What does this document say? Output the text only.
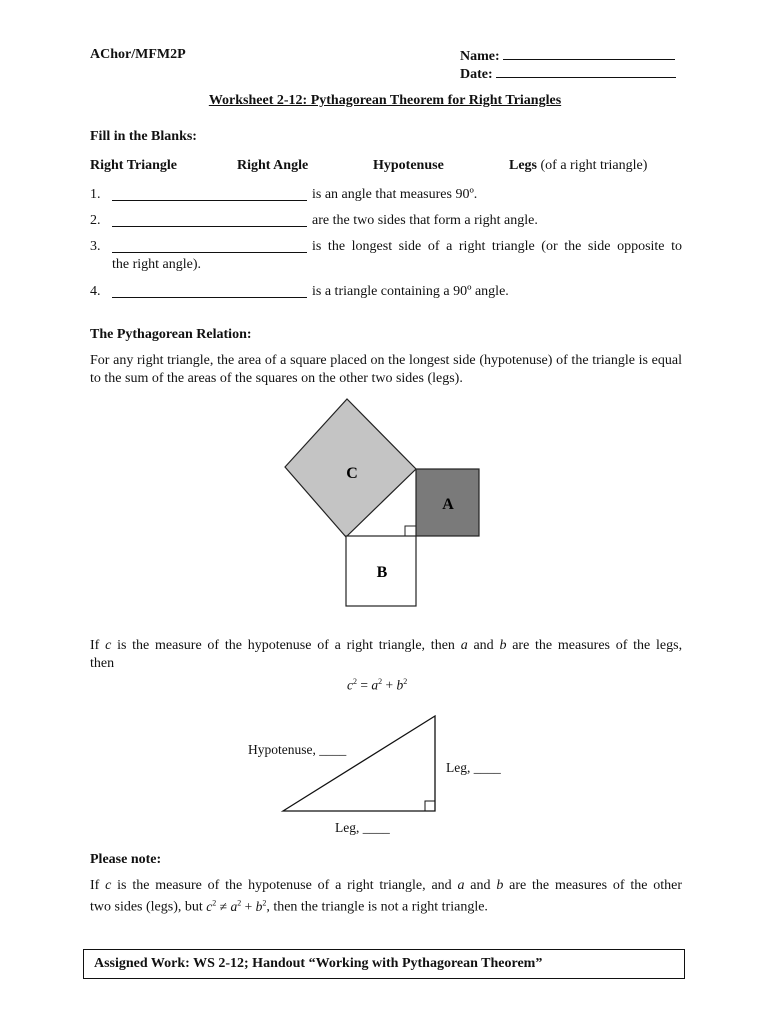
AChor/MFM2P	Name:
Date:
Worksheet 2-12: Pythagorean Theorem for Right Triangles
Fill in the Blanks:
Right Triangle	Right Angle	Hypotenuse	Legs (of a right triangle)
1.	is an angle that measures 90º.
2.	are the two sides that form a right angle.
3.	is the longest side of a right triangle (or the side opposite to
the right angle).
4.	is a triangle containing a 90º angle.
The Pythagorean Relation:
For any right triangle, the area of a square placed on the longest side (hypotenuse) of the triangle is equal to the sum of the areas of the squares on the other two sides (legs).
C
A
B
If c is the measure of the hypotenuse of a right triangle, then a and b are the measures of the legs,
then
$c^2 = a^2 + b^2$
Hypotenuse, ____
Leg, ____
Leg, ____
Please note:
If c is the measure of the hypotenuse of a right triangle, and a and b are the measures of the other
two sides (legs), but $c^2 \ne a^2 + b^2$, then the triangle is not a right triangle.
Assigned Work: WS 2-12; Handout “Working with Pythagorean Theorem”
